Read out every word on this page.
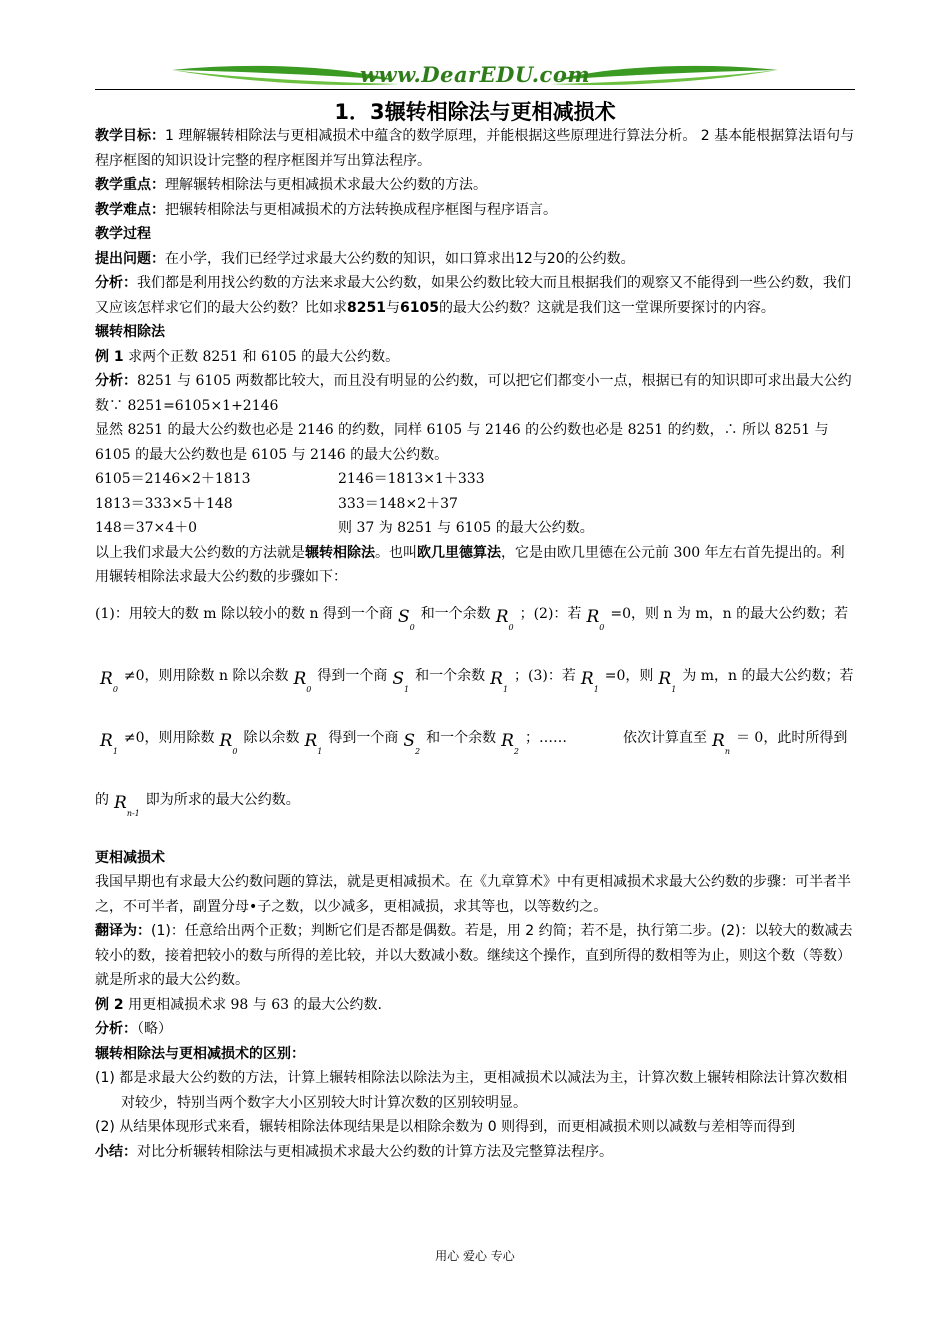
www.DearEDU.com
1．3辗转相除法与更相减损术

教学目标：1 理解辗转相除法与更相减损术中蕴含的数学原理，并能根据这些原理进行算法分析。 2 基本能根据算法语句与程序框图的知识设计完整的程序框图并写出算法程序。

教学重点：理解辗转相除法与更相减损术求最大公约数的方法。

教学难点：把辗转相除法与更相减损术的方法转换成程序框图与程序语言。

教学过程

提出问题：在小学，我们已经学过求最大公约数的知识，如口算求出12与20的公约数。

分析：我们都是利用找公约数的方法来求最大公约数，如果公约数比较大而且根据我们的观察又不能得到一些公约数，我们又应该怎样求它们的最大公约数？比如求8251与6105的最大公约数？这就是我们这一堂课所要探讨的内容。

辗转相除法

例 1 求两个正数 8251 和 6105 的最大公约数。

分析：8251 与 6105 两数都比较大，而且没有明显的公约数，可以把它们都变小一点，根据已有的知识即可求出最大公约数∵ 8251=6105×1+2146

显然 8251 的最大公约数也必是 2146 的约数，同样 6105 与 2146 的公约数也必是 8251 的约数，∴ 所以 8251 与 6105 的最大公约数也是 6105 与 2146 的最大公约数。

6105＝2146×2＋1813	2146＝1813×1＋333
1813＝333×5＋148	333＝148×2＋37
148＝37×4＋0	则 37 为 8251 与 6105 的最大公约数。

以上我们求最大公约数的方法就是辗转相除法。也叫欧几里德算法，它是由欧几里德在公元前 300 年左右首先提出的。利用辗转相除法求最大公约数的步骤如下：

(1)：用较大的数 m 除以较小的数 n 得到一个商 $S_0$和一个余数 $R_0$；(2)：若 $R_0=0$，则 n 为 m，n 的最大公约数；若$R_0\ne 0$，则用除数 n 除以余数 $R_0$得到一个商 $S_1$和一个余数 $R_1$；(3)：若 $R_1=0$，则 $R_1$为 m，n 的最大公约数；若$R_1\ne 0$，则用除数 $R_0$除以余数 $R_1$得到一个商 $S_2$和一个余数 $R_2$；……　　　　依次计算直至 $R_n= 0$，此时所得到的 $R_{n-1}$即为所求的最大公约数。

更相减损术

我国早期也有求最大公约数问题的算法，就是更相减损术。在《九章算术》中有更相减损术求最大公约数的步骤：可半者半之，不可半者，副置分母•子之数，以少减多，更相减损，求其等也，以等数约之。

翻译为：(1)：任意给出两个正数；判断它们是否都是偶数。若是，用 2 约简；若不是，执行第二步。(2)：以较大的数减去较小的数，接着把较小的数与所得的差比较，并以大数减小数。继续这个操作，直到所得的数相等为止，则这个数（等数）就是所求的最大公约数。

例 2 用更相减损术求 98 与 63 的最大公约数.

分析：（略）

辗转相除法与更相减损术的区别：

(1) 都是求最大公约数的方法，计算上辗转相除法以除法为主，更相减损术以减法为主，计算次数上辗转相除法计算次数相对较少，特别当两个数字大小区别较大时计算次数的区别较明显。

(2) 从结果体现形式来看，辗转相除法体现结果是以相除余数为 0 则得到，而更相减损术则以减数与差相等而得到

小结：对比分析辗转相除法与更相减损术求最大公约数的计算方法及完整算法程序。

用心 爱心 专心
